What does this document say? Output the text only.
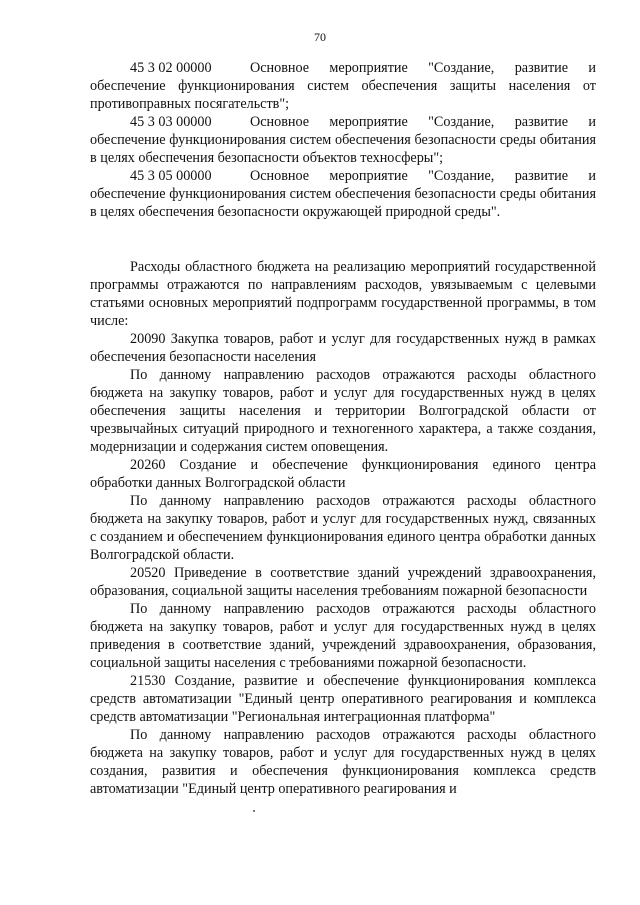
70

45 3 02 00000	Основное мероприятие "Создание, развитие и обеспечение функционирования систем обеспечения защиты населения от противоправных посягательств";

45 3 03 00000	Основное мероприятие "Создание, развитие и обеспечение функционирования систем обеспечения безопасности среды обитания в целях обеспечения безопасности объектов техносферы";

45 3 05 00000	Основное мероприятие "Создание, развитие и обеспечение функционирования систем обеспечения безопасности среды обитания в целях обеспечения безопасности окружающей природной среды".

Расходы областного бюджета на реализацию мероприятий государственной программы отражаются по направлениям расходов, увязываемым с целевыми статьями основных мероприятий подпрограмм государственной программы, в том числе:

20090 Закупка товаров, работ и услуг для государственных нужд в рамках обеспечения безопасности населения

По данному направлению расходов отражаются расходы областного бюджета на закупку товаров, работ и услуг для государственных нужд в целях обеспечения защиты населения и территории Волгоградской области от чрезвычайных ситуаций природного и техногенного характера, а также создания, модернизации и содержания систем оповещения.

20260 Создание и обеспечение функционирования единого центра обработки данных Волгоградской области

По данному направлению расходов отражаются расходы областного бюджета на закупку товаров, работ и услуг для государственных нужд, связанных с созданием и обеспечением функционирования единого центра обработки данных Волгоградской области.

20520 Приведение в соответствие зданий учреждений здравоохранения, образования, социальной защиты населения требованиям пожарной безопасности

По данному направлению расходов отражаются расходы областного бюджета на закупку товаров, работ и услуг для государственных нужд в целях приведения в соответствие зданий, учреждений здравоохранения, образования, социальной защиты населения с требованиями пожарной безопасности.

21530 Создание, развитие и обеспечение функционирования комплекса средств автоматизации "Единый центр оперативного реагирования и комплекса средств автоматизации "Региональная интеграционная платформа"

По данному направлению расходов отражаются расходы областного бюджета на закупку товаров, работ и услуг для государственных нужд в целях создания, развития и обеспечения функционирования комплекса средств автоматизации "Единый центр оперативного реагирования и
